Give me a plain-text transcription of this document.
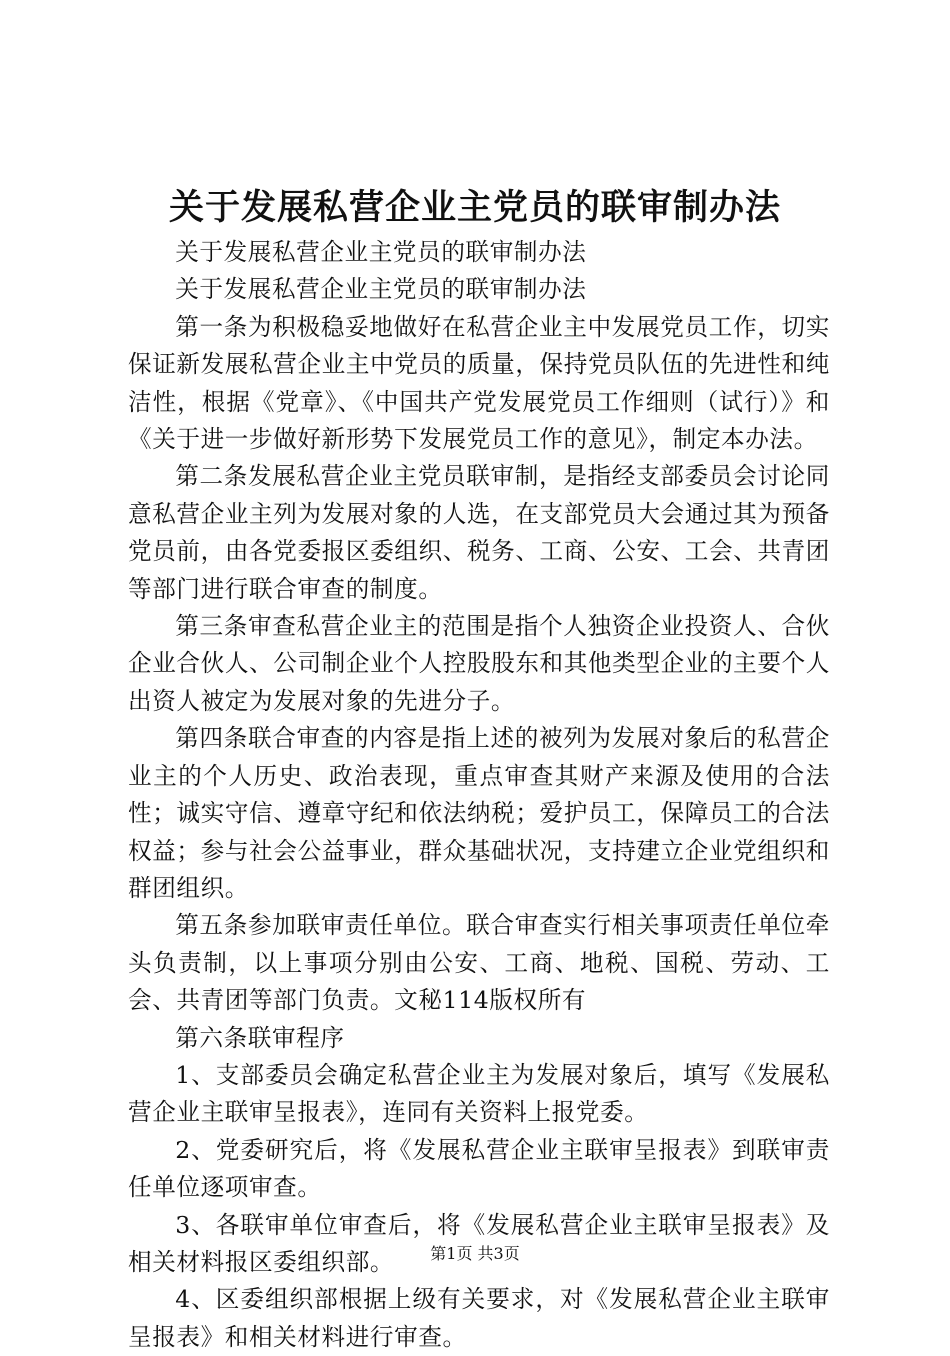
关于发展私营企业主党员的联审制办法

关于发展私营企业主党员的联审制办法

关于发展私营企业主党员的联审制办法

第一条为积极稳妥地做好在私营企业主中发展党员工作，切实保证新发展私营企业主中党员的质量，保持党员队伍的先进性和纯洁性，根据《党章》、《中国共产党发展党员工作细则（试行）》和《关于进一步做好新形势下发展党员工作的意见》，制定本办法。

第二条发展私营企业主党员联审制，是指经支部委员会讨论同意私营企业主列为发展对象的人选，在支部党员大会通过其为预备党员前，由各党委报区委组织、税务、工商、公安、工会、共青团等部门进行联合审查的制度。

第三条审查私营企业主的范围是指个人独资企业投资人、合伙企业合伙人、公司制企业个人控股股东和其他类型企业的主要个人出资人被定为发展对象的先进分子。

第四条联合审查的内容是指上述的被列为发展对象后的私营企业主的个人历史、政治表现，重点审查其财产来源及使用的合法性；诚实守信、遵章守纪和依法纳税；爱护员工，保障员工的合法权益；参与社会公益事业，群众基础状况，支持建立企业党组织和群团组织。

第五条参加联审责任单位。联合审查实行相关事项责任单位牵头负责制，以上事项分别由公安、工商、地税、国税、劳动、工会、共青团等部门负责。文秘114版权所有

第六条联审程序

1、支部委员会确定私营企业主为发展对象后，填写《发展私营企业主联审呈报表》，连同有关资料上报党委。

2、党委研究后，将《发展私营企业主联审呈报表》到联审责任单位逐项审查。

3、各联审单位审查后，将《发展私营企业主联审呈报表》及相关材料报区委组织部。

4、区委组织部根据上级有关要求，对《发展私营企业主联审呈报表》和相关材料进行审查。

第1页 共3页
